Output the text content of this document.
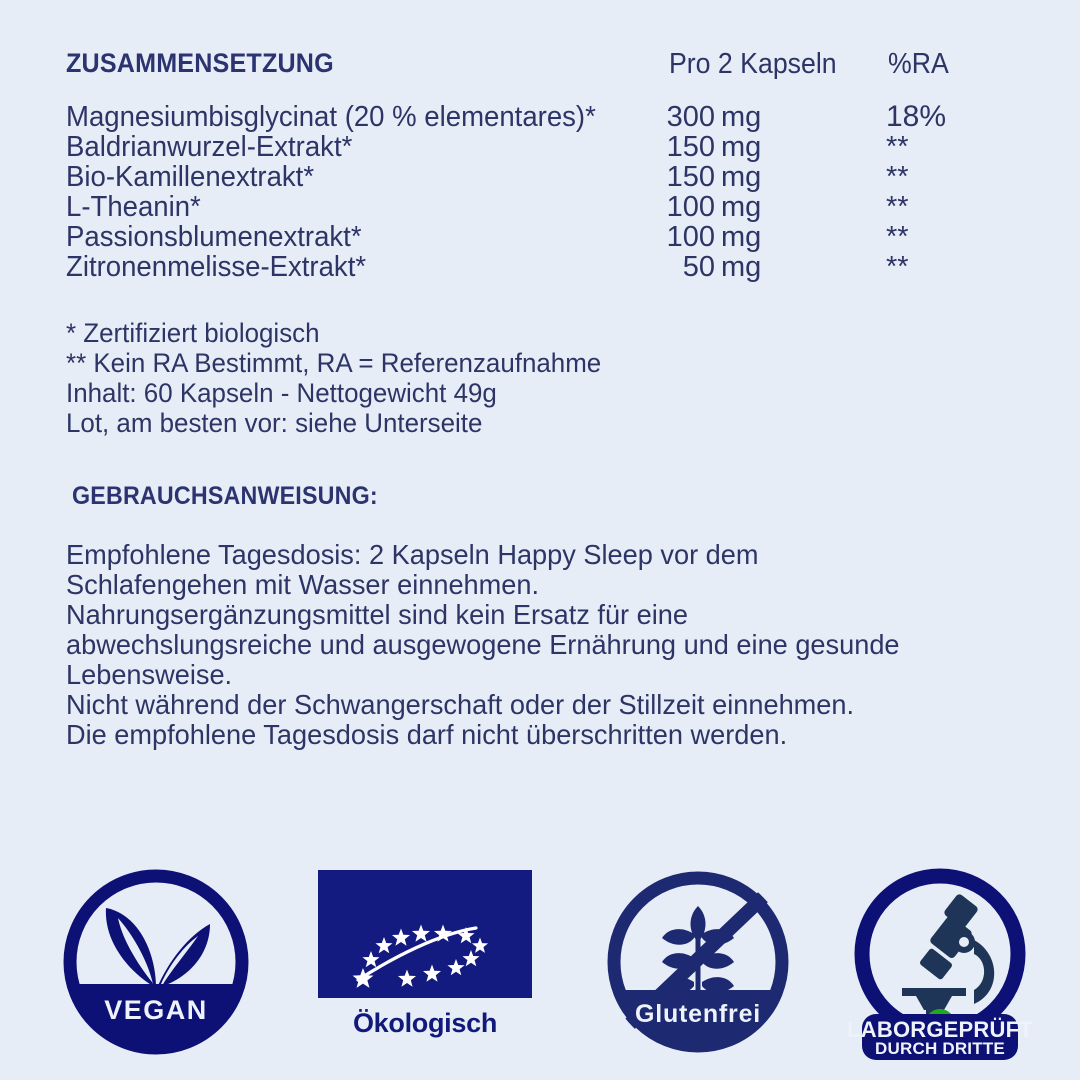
ZUSAMMENSETZUNG	Pro 2 Kapseln %RA
Magnesiumbisglycinat (20 % elementares)*	300 mg	18%
Baldrianwurzel-Extrakt*	150 mg	**
Bio-Kamillenextrakt*	150 mg	**
L-Theanin*	100 mg	**
Passionsblumenextrakt*	100 mg	**
Zitronenmelisse-Extrakt*	50 mg	**
* Zertifiziert biologisch
** Kein RA Bestimmt, RA = Referenzaufnahme
Inhalt: 60 Kapseln - Nettogewicht 49g
Lot, am besten vor: siehe Unterseite
GEBRAUCHSANWEISUNG:
Empfohlene Tagesdosis: 2 Kapseln Happy Sleep vor dem
Schlafengehen mit Wasser einnehmen.
Nahrungsergänzungsmittel sind kein Ersatz für eine
abwechslungsreiche und ausgewogene Ernährung und eine gesunde
Lebensweise.
Nicht während der Schwangerschaft oder der Stillzeit einnehmen.
Die empfohlene Tagesdosis darf nicht überschritten werden.
VEGAN	Ökologisch	Glutenfrei
LABORGEPRÜFT
DURCH DRITTE
